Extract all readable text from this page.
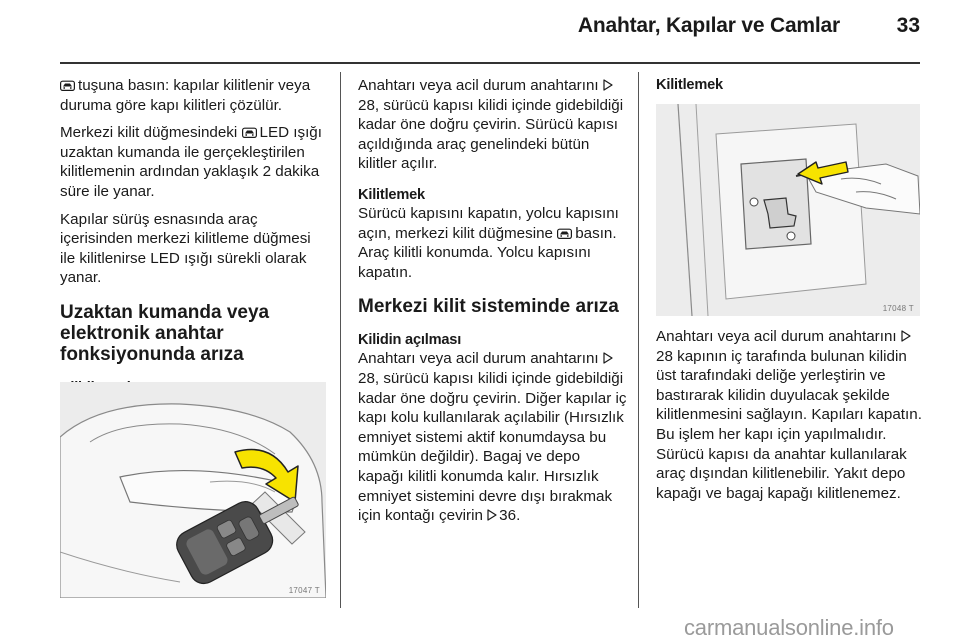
Anahtar, Kapılar ve Camlar	33

tuşuna basın: kapılar kilitlenir veya duruma göre kapı kilitleri çözülür.

Merkezi kilit düğmesindeki LED ışığı uzaktan kumanda ile gerçekleştirilen kilitlemenin ardından yaklaşık 2 dakika süre ile yanar.

Kapılar sürüş esnasında araç içerisinden merkezi kilitleme düğmesi ile kilitlenirse LED ışığı sürekli olarak yanar.

Uzaktan kumanda veya elektronik anahtar fonksiyonunda arıza
17047 T

Anahtarı veya acil durum anahtarını 28, sürücü kapısı kilidi içinde gidebildiği kadar öne doğru çevirin. Sürücü kapısı açıldığında araç genelindeki bütün kilitler açılır.

Kilitlemek

Sürücü kapısını kapatın, yolcu kapısını açın, merkezi kilit düğmesine basın. Araç kilitli konumda. Yolcu kapısını kapatın.

Merkezi kilit sisteminde arıza
Kilidin açılması

Anahtarı veya acil durum anahtarını 28, sürücü kapısı kilidi içinde gidebildiği kadar öne doğru çevirin. Diğer kapılar iç kapı kolu kullanılarak açılabilir (Hırsızlık emniyet sistemi aktif konumdaysa bu mümkün değildir). Bagaj ve depo kapağı kilitli konumda kalır. Hırsızlık emniyet sistemini devre dışı bırakmak için kontağı çevirin 36.

Kilitlemek
17048 T

Anahtarı veya acil durum anahtarını 28 kapının iç tarafında bulunan kilidin üst tarafındaki deliğe yerleştirin ve bastırarak kilidin duyulacak şekilde kilitlenmesini sağlayın. Kapıları kapatın. Bu işlem her kapı için yapılmalıdır. Sürücü kapısı da anahtar kullanılarak araç dışından kilitlenebilir. Yakıt depo kapağı ve bagaj kapağı kilitlenemez.

carmanualsonline.info
